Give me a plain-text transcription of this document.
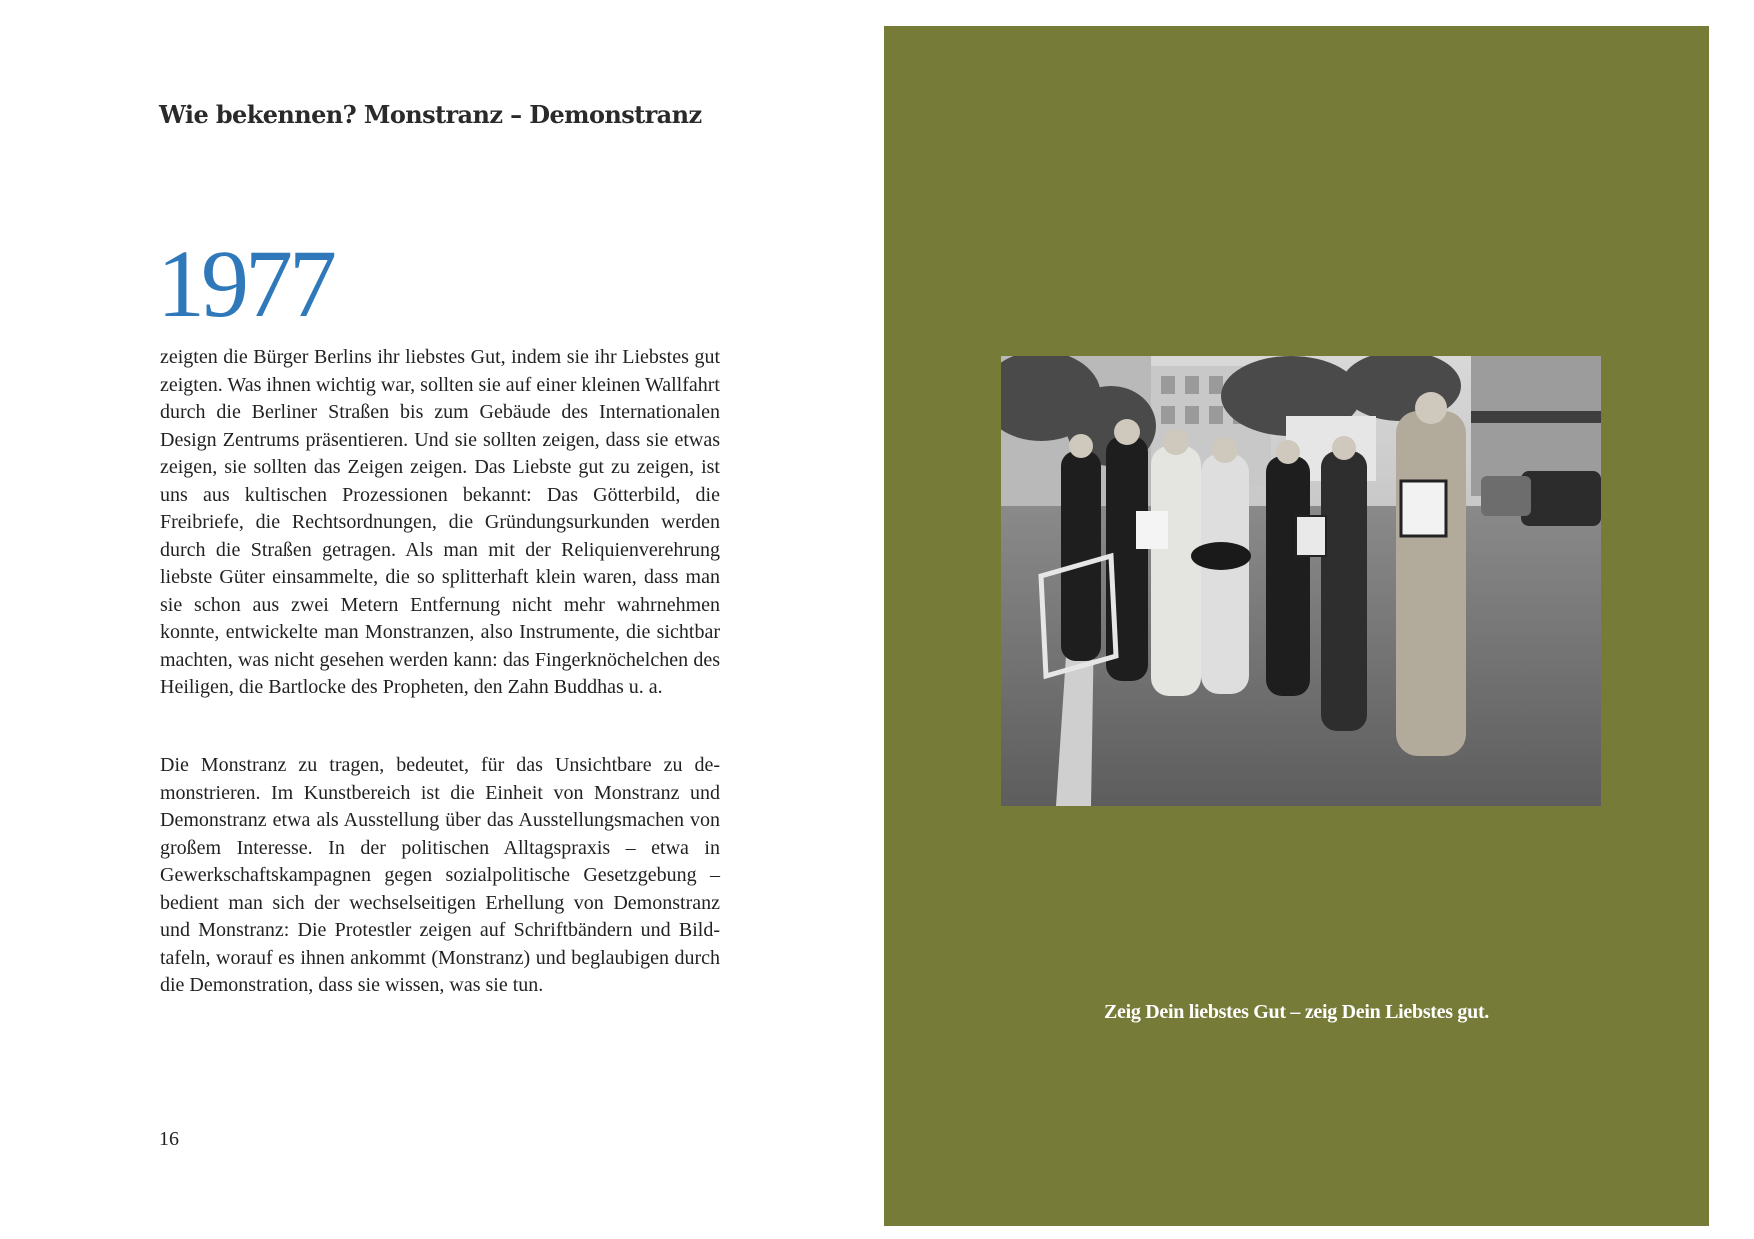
Wie bekennen? Monstranz – Demonstranz
1977

zeigten die Bürger Berlins ihr liebstes Gut, indem sie ihr Liebstes gut zeigten. Was ihnen wichtig war, sollten sie auf einer kleinen Wallfahrt durch die Berliner Straßen bis zum Gebäude des Internationalen Design Zentrums präsentieren. Und sie sollten zeigen, dass sie etwas zeigen, sie sollten das Zeigen zeigen. Das Liebste gut zu zeigen, ist uns aus kultischen Prozessionen bekannt: Das Götterbild, die Freibriefe, die Rechtsordnungen, die Gründungsurkunden werden durch die Straßen getragen. Als man mit der Reliquienverehrung liebste Güter einsammelte, die so splitterhaft klein waren, dass man sie schon aus zwei Metern Entfernung nicht mehr wahrnehmen konnte, entwickelte man Monstranzen, also Instrumente, die sichtbar machten, was nicht gesehen werden kann: das Fingerknöchelchen des Heiligen, die Bartlocke des Propheten, den Zahn Buddhas u. a.

Die Monstranz zu tragen, bedeutet, für das Unsichtbare zu demonstrieren. Im Kunstbereich ist die Einheit von Monstranz und Demonstranz etwa als Ausstellung über das Ausstellungsmachen von großem Interesse. In der politischen Alltagspraxis – etwa in Gewerkschaftskampagnen gegen sozialpolitische Gesetzgebung – bedient man sich der wechselseitigen Erhellung von Demonstranz und Monstranz: Die Protestler zeigen auf Schriftbändern und Bildtafeln, worauf es ihnen ankommt (Monstranz) und beglaubigen durch die Demonstration, dass sie wissen, was sie tun.

16
Zeig Dein liebstes Gut – zeig Dein Liebstes gut.
